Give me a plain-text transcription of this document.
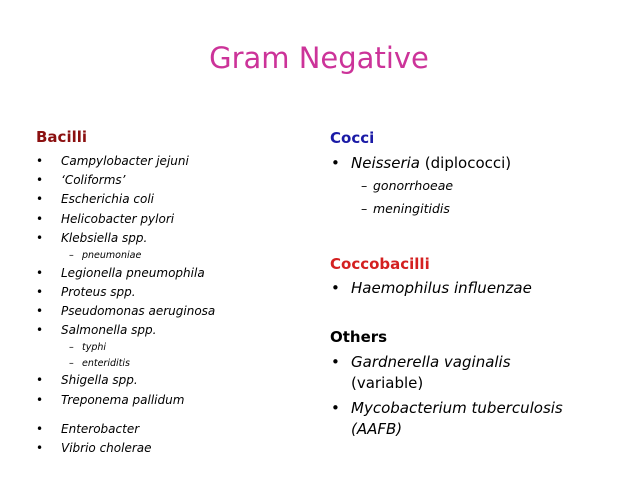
Gram Negative
Bacilli
• Campylobacter jejuni
• ‘Coliforms’
• Escherichia coli
• Helicobacter pylori
• Klebsiella spp.
– pneumoniae
• Legionella pneumophila
• Proteus spp.
• Pseudomonas aeruginosa
• Salmonella spp.
– typhi
– enteriditis
• Shigella spp.
• Treponema pallidum
• Enterobacter
• Vibrio cholerae
Cocci
• Neisseria (diplococci)
– gonorrhoeae
– meningitidis
Coccobacilli
• Haemophilus influenzae
Others
• Gardnerella vaginalis
(variable)
• Mycobacterium tuberculosis
(AAFB)
